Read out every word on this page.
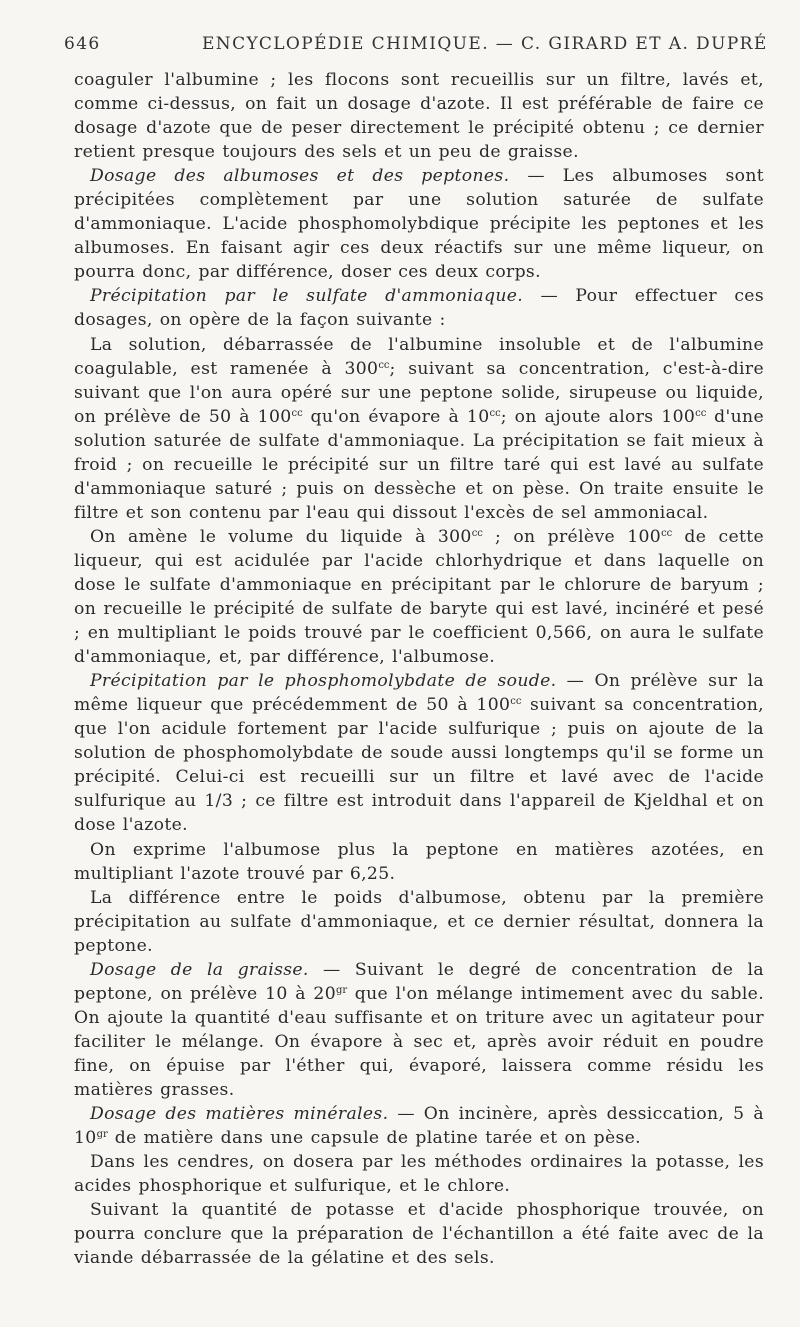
646	ENCYCLOPÉDIE CHIMIQUE. — C. GIRARD ET A. DUPRÉ

coaguler l'albumine ; les flocons sont recueillis sur un filtre, lavés et, comme ci-dessus, on fait un dosage d'azote. Il est préférable de faire ce dosage d'azote que de peser directement le précipité obtenu ; ce dernier retient presque toujours des sels et un peu de graisse.

Dosage des albumoses et des peptones. — Les albumoses sont précipitées complètement par une solution saturée de sulfate d'ammoniaque. L'acide phosphomolybdique précipite les peptones et les albumoses. En faisant agir ces deux réactifs sur une même liqueur, on pourra donc, par différence, doser ces deux corps.

Précipitation par le sulfate d'ammoniaque. — Pour effectuer ces dosages, on opère de la façon suivante :

La solution, débarrassée de l'albumine insoluble et de l'albumine coagulable, est ramenée à $300^{cc}$; suivant sa concentration, c'est-à-dire suivant que l'on aura opéré sur une peptone solide, sirupeuse ou liquide, on prélève de 50 à $100^{cc}$ qu'on évapore à $10^{cc}$; on ajoute alors $100^{cc}$ d'une solution saturée de sulfate d'ammoniaque. La précipitation se fait mieux à froid ; on recueille le précipité sur un filtre taré qui est lavé au sulfate d'ammoniaque saturé ; puis on dessèche et on pèse. On traite ensuite le filtre et son contenu par l'eau qui dissout l'excès de sel ammoniacal.

On amène le volume du liquide à $300^{cc}$ ; on prélève $100^{cc}$ de cette liqueur, qui est acidulée par l'acide chlorhydrique et dans laquelle on dose le sulfate d'ammoniaque en précipitant par le chlorure de baryum ; on recueille le précipité de sulfate de baryte qui est lavé, incinéré et pesé ; en multipliant le poids trouvé par le coefficient 0,566, on aura le sulfate d'ammoniaque, et, par différence, l'albumose.

Précipitation par le phosphomolybdate de soude. — On prélève sur la même liqueur que précédemment de 50 à $100^{cc}$ suivant sa concentration, que l'on acidule fortement par l'acide sulfurique ; puis on ajoute de la solution de phosphomolybdate de soude aussi longtemps qu'il se forme un précipité. Celui-ci est recueilli sur un filtre et lavé avec de l'acide sulfurique au 1/3 ; ce filtre est introduit dans l'appareil de Kjeldhal et on dose l'azote.

On exprime l'albumose plus la peptone en matières azotées, en multipliant l'azote trouvé par 6,25.

La différence entre le poids d'albumose, obtenu par la première précipitation au sulfate d'ammoniaque, et ce dernier résultat, donnera la peptone.

Dosage de la graisse. — Suivant le degré de concentration de la peptone, on prélève 10 à $20^{gr}$ que l'on mélange intimement avec du sable. On ajoute la quantité d'eau suffisante et on triture avec un agitateur pour faciliter le mélange. On évapore à sec et, après avoir réduit en poudre fine, on épuise par l'éther qui, évaporé, laissera comme résidu les matières grasses.

Dosage des matières minérales. — On incinère, après dessiccation, 5 à $10^{gr}$ de matière dans une capsule de platine tarée et on pèse.

Dans les cendres, on dosera par les méthodes ordinaires la potasse, les acides phosphorique et sulfurique, et le chlore.

Suivant la quantité de potasse et d'acide phosphorique trouvée, on pourra conclure que la préparation de l'échantillon a été faite avec de la viande débarrassée de la gélatine et des sels.
